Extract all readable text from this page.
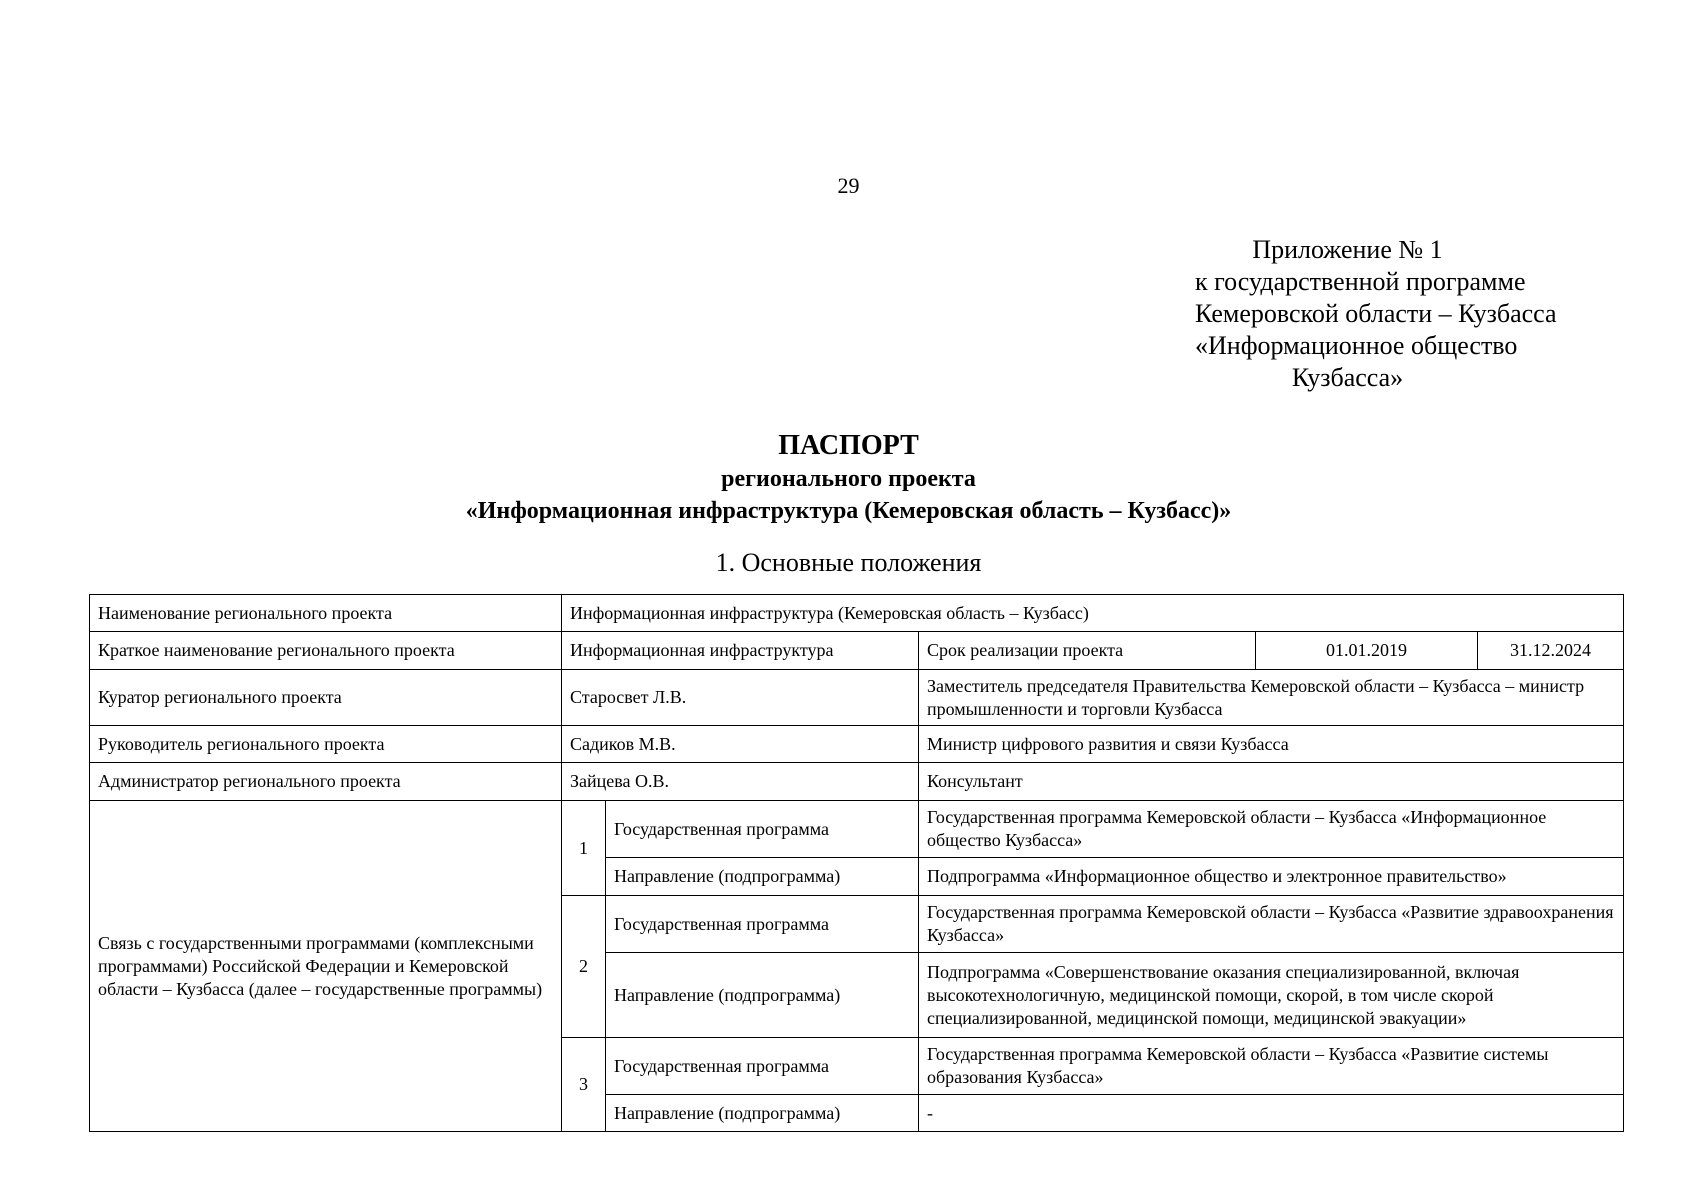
29
Приложение № 1
к государственной программе
Кемеровской области – Кузбасса
«Информационное общество
Кузбасса»
ПАСПОРТ
регионального проекта
«Информационная инфраструктура (Кемеровская область – Кузбасс)»
1. Основные положения
Наименование регионального проекта	Информационная инфраструктура (Кемеровская область – Кузбасс)				
Краткое наименование регионального проекта	Информационная инфраструктура		Срок реализации проекта	01.01.2019	31.12.2024
Куратор регионального проекта	Старосвет Л.В.		Заместитель председателя Правительства Кемеровской области – Кузбасса – министр промышленности и торговли Кузбасса		
Руководитель регионального проекта	Садиков М.В.		Министр цифрового развития и связи Кузбасса		
Администратор регионального проекта	Зайцева О.В.		Консультант		
Связь с государственными программами (комплексными программами) Российской Федерации и Кемеровской области – Кузбасса (далее – государственные программы)	1	Государственная программа	Государственная программа Кемеровской области – Кузбасса «Информационное общество Кузбасса»		
		Направление (подпрограмма)	Подпрограмма «Информационное общество и электронное правительство»		
	2	Государственная программа	Государственная программа Кемеровской области – Кузбасса «Развитие здравоохранения Кузбасса»		
		Направление (подпрограмма)	Подпрограмма «Совершенствование оказания специализированной, включая высокотехнологичную, медицинской помощи, скорой, в том числе скорой специализированной, медицинской помощи, медицинской эвакуации»		
	3	Государственная программа	Государственная программа Кемеровской области – Кузбасса «Развитие системы образования Кузбасса»		
		Направление (подпрограмма)	-		
